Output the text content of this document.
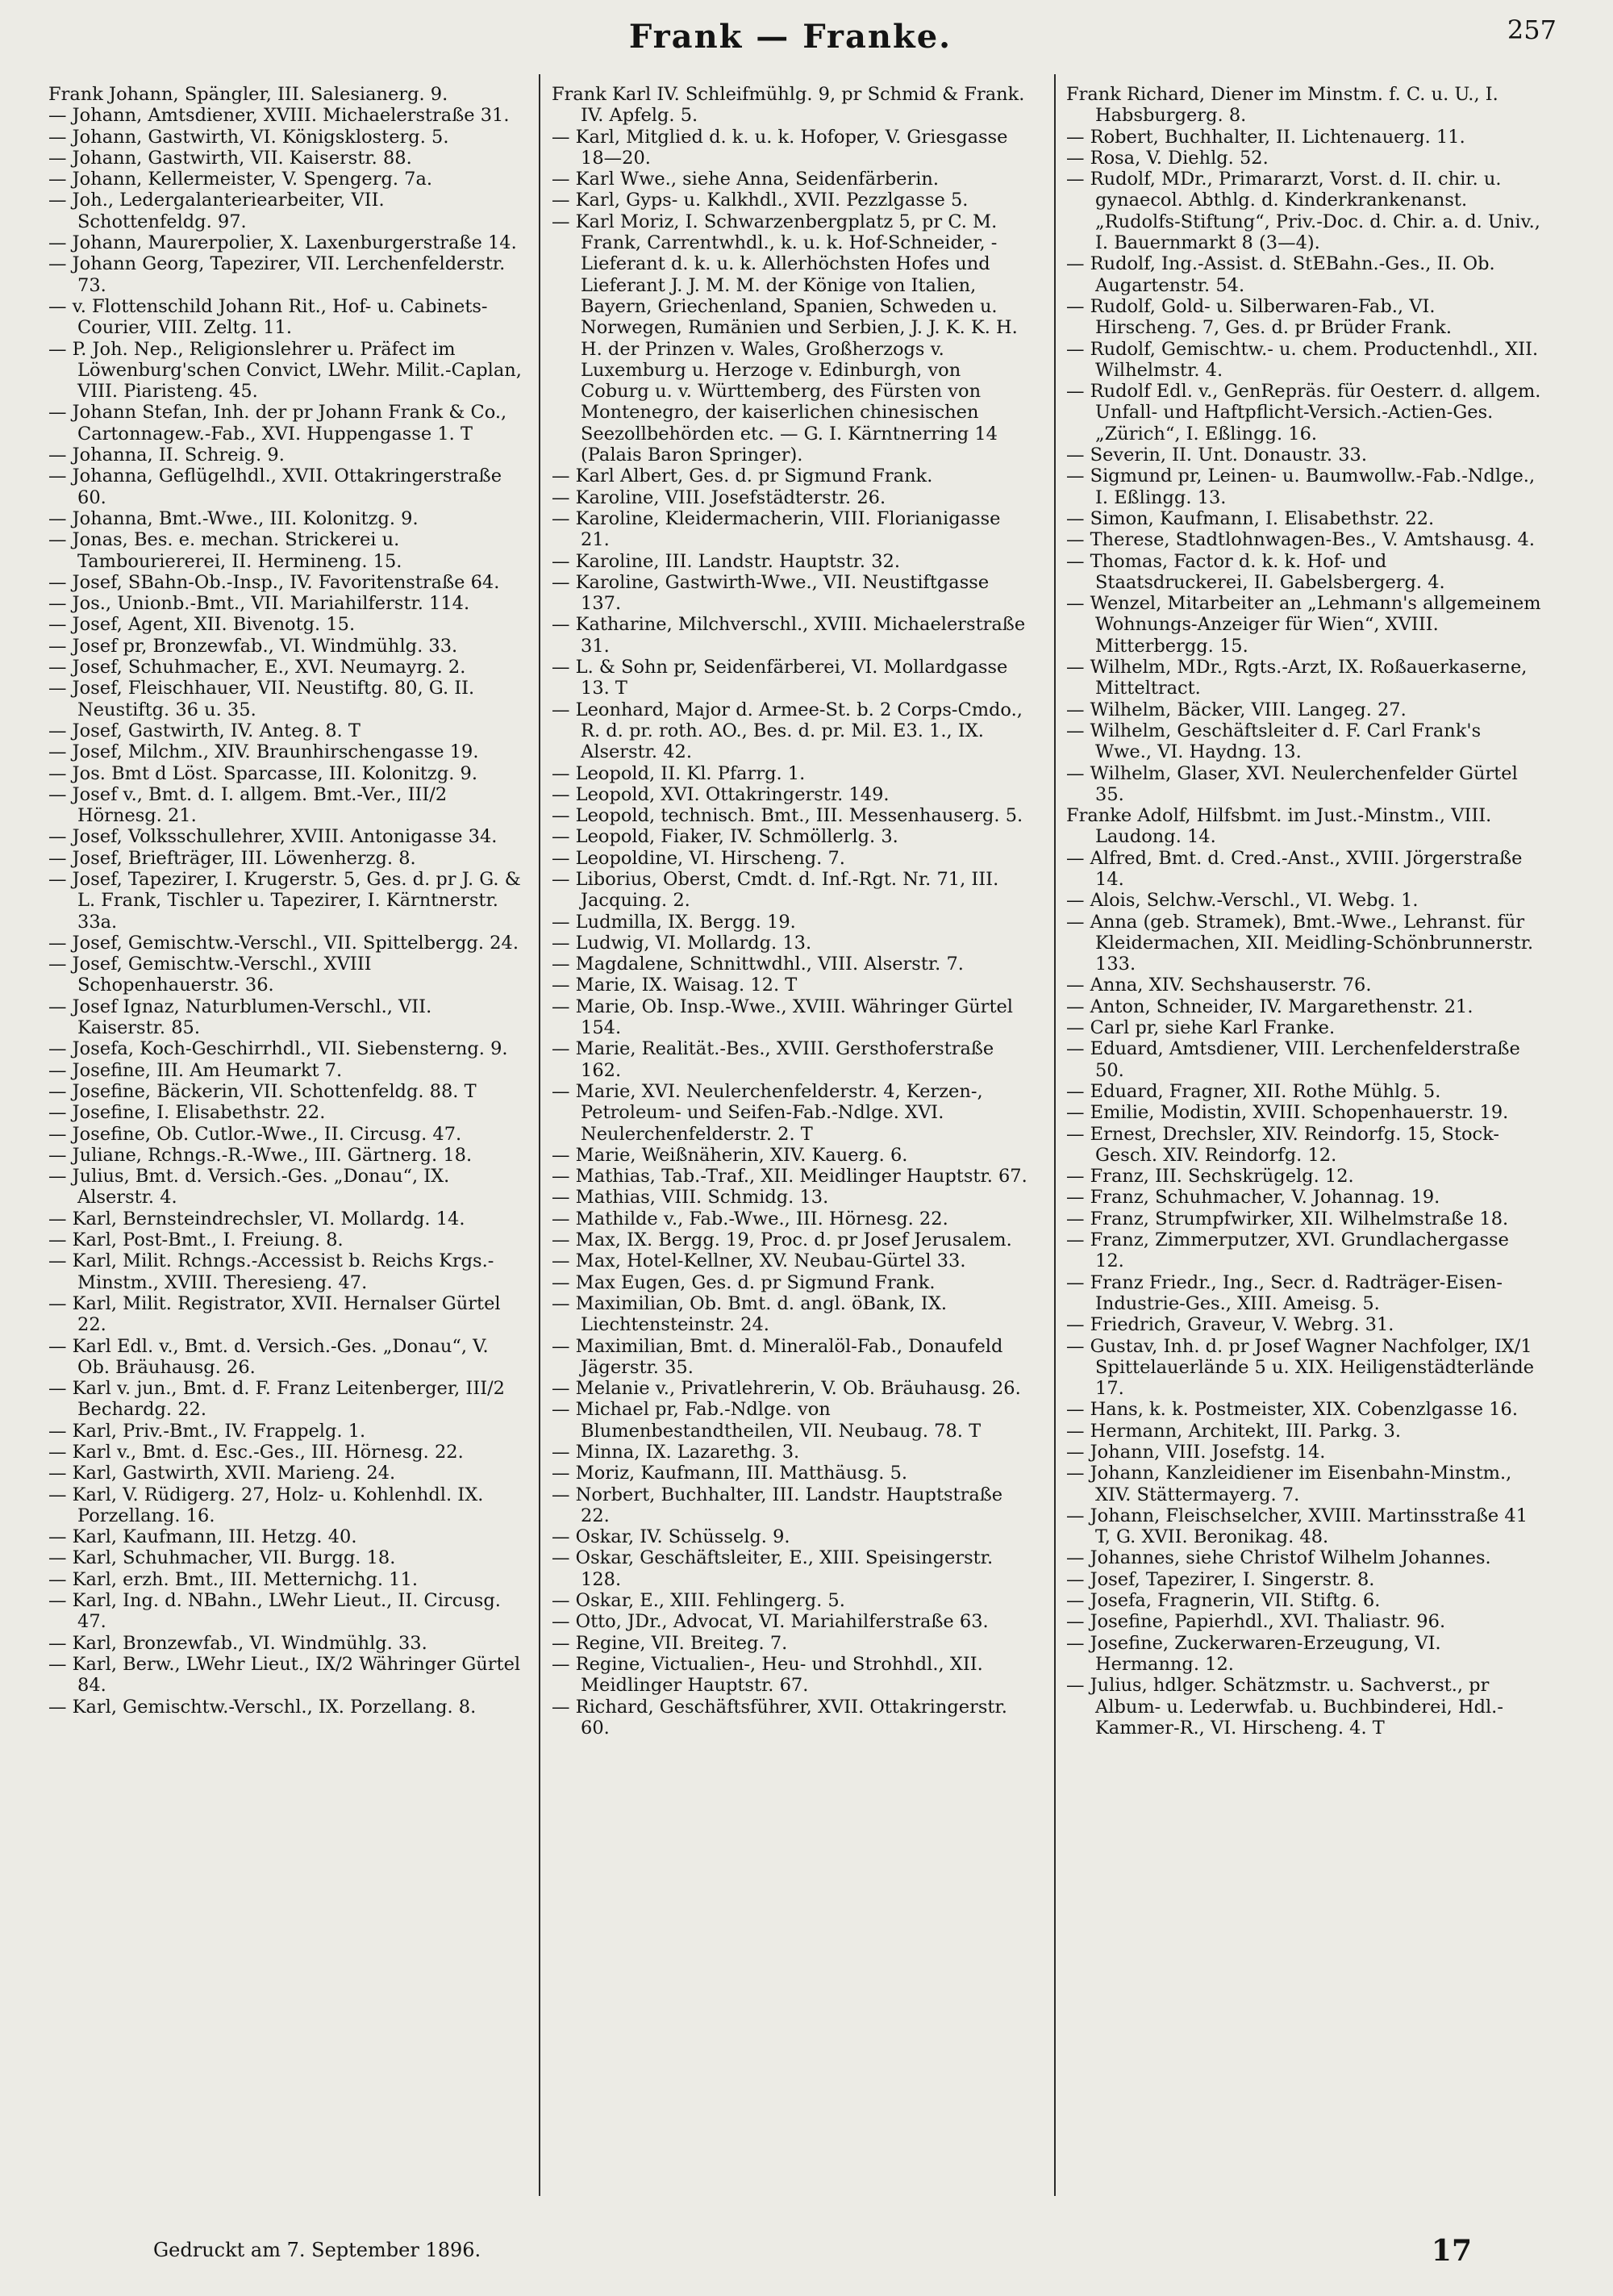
Frank — Franke.	257

Frank Johann, Spängler, III. Salesianerg. 9.

— Johann, Amtsdiener, XVIII. Michaelerstraße 31.

— Johann, Gastwirth, VI. Königsklosterg. 5.

— Johann, Gastwirth, VII. Kaiserstr. 88.

— Johann, Kellermeister, V. Spengerg. 7a.

— Joh., Ledergalanteriearbeiter, VII. Schottenfeldg. 97.

— Johann, Maurerpolier, X. Laxenburgerstraße 14.

— Johann Georg, Tapezirer, VII. Lerchenfelderstr. 73.

— v. Flottenschild Johann Rit., Hof- u. Cabinets-Courier, VIII. Zeltg. 11.

— P. Joh. Nep., Religionslehrer u. Präfect im Löwenburg'schen Convict, LWehr. Milit.-Caplan, VIII. Piaristeng. 45.

— Johann Stefan, Inh. der pr Johann Frank & Co., Cartonnagew.-Fab., XVI. Huppengasse 1. T

— Johanna, II. Schreig. 9.

— Johanna, Geflügelhdl., XVII. Ottakringerstraße 60.

— Johanna, Bmt.-Wwe., III. Kolonitzg. 9.

— Jonas, Bes. e. mechan. Strickerei u. Tambouriererei, II. Hermineng. 15.

— Josef, SBahn-Ob.-Insp., IV. Favoritenstraße 64.

— Jos., Unionb.-Bmt., VII. Mariahilferstr. 114.

— Josef, Agent, XII. Bivenotg. 15.

— Josef pr, Bronzewfab., VI. Windmühlg. 33.

— Josef, Schuhmacher, E., XVI. Neumayrg. 2.

— Josef, Fleischhauer, VII. Neustiftg. 80, G. II. Neustiftg. 36 u. 35.

— Josef, Gastwirth, IV. Anteg. 8. T

— Josef, Milchm., XIV. Braunhirschengasse 19.

— Jos. Bmt d Löst. Sparcasse, III. Kolonitzg. 9.

— Josef v., Bmt. d. I. allgem. Bmt.-Ver., III/2 Hörnesg. 21.

— Josef, Volksschullehrer, XVIII. Antonigasse 34.

— Josef, Briefträger, III. Löwenherzg. 8.

— Josef, Tapezirer, I. Krugerstr. 5, Ges. d. pr J. G. & L. Frank, Tischler u. Tapezirer, I. Kärntnerstr. 33a.

— Josef, Gemischtw.-Verschl., VII. Spittelbergg. 24.

— Josef, Gemischtw.-Verschl., XVIII Schopenhauerstr. 36.

— Josef Ignaz, Naturblumen-Verschl., VII. Kaiserstr. 85.

— Josefa, Koch-Geschirrhdl., VII. Siebensterng. 9.

— Josefine, III. Am Heumarkt 7.

— Josefine, Bäckerin, VII. Schottenfeldg. 88. T

— Josefine, I. Elisabethstr. 22.

— Josefine, Ob. Cutlor.-Wwe., II. Circusg. 47.

— Juliane, Rchngs.-R.-Wwe., III. Gärtnerg. 18.

— Julius, Bmt. d. Versich.-Ges. „Donau“, IX. Alserstr. 4.

— Karl, Bernsteindrechsler, VI. Mollardg. 14.

— Karl, Post-Bmt., I. Freiung. 8.

— Karl, Milit. Rchngs.-Accessist b. Reichs Krgs.-Minstm., XVIII. Theresieng. 47.

— Karl, Milit. Registrator, XVII. Hernalser Gürtel 22.

— Karl Edl. v., Bmt. d. Versich.-Ges. „Donau“, V. Ob. Bräuhausg. 26.

— Karl v. jun., Bmt. d. F. Franz Leitenberger, III/2 Bechardg. 22.

— Karl, Priv.-Bmt., IV. Frappelg. 1.

— Karl v., Bmt. d. Esc.-Ges., III. Hörnesg. 22.

— Karl, Gastwirth, XVII. Marieng. 24.

— Karl, V. Rüdigerg. 27, Holz- u. Kohlenhdl. IX. Porzellang. 16.

— Karl, Kaufmann, III. Hetzg. 40.

— Karl, Schuhmacher, VII. Burgg. 18.

— Karl, erzh. Bmt., III. Metternichg. 11.

— Karl, Ing. d. NBahn., LWehr Lieut., II. Circusg. 47.

— Karl, Bronzewfab., VI. Windmühlg. 33.

— Karl, Berw., LWehr Lieut., IX/2 Währinger Gürtel 84.

— Karl, Gemischtw.-Verschl., IX. Porzellang. 8.

Frank Karl IV. Schleifmühlg. 9, pr Schmid & Frank. IV. Apfelg. 5.

— Karl, Mitglied d. k. u. k. Hofoper, V. Griesgasse 18—20.

— Karl Wwe., siehe Anna, Seidenfärberin.

— Karl, Gyps- u. Kalkhdl., XVII. Pezzlgasse 5.

— Karl Moriz, I. Schwarzenbergplatz 5, pr C. M. Frank, Carrentwhdl., k. u. k. Hof-Schneider, -Lieferant d. k. u. k. Allerhöchsten Hofes und Lieferant J. J. M. M. der Könige von Italien, Bayern, Griechenland, Spanien, Schweden u. Norwegen, Rumänien und Serbien, J. J. K. K. H. H. der Prinzen v. Wales, Großherzogs v. Luxemburg u. Herzoge v. Edinburgh, von Coburg u. v. Württemberg, des Fürsten von Montenegro, der kaiserlichen chinesischen Seezollbehörden etc. — G. I. Kärntnerring 14 (Palais Baron Springer).

— Karl Albert, Ges. d. pr Sigmund Frank.

— Karoline, VIII. Josefstädterstr. 26.

— Karoline, Kleidermacherin, VIII. Florianigasse 21.

— Karoline, III. Landstr. Hauptstr. 32.

— Karoline, Gastwirth-Wwe., VII. Neustiftgasse 137.

— Katharine, Milchverschl., XVIII. Michaelerstraße 31.

— L. & Sohn pr, Seidenfärberei, VI. Mollardgasse 13. T

— Leonhard, Major d. Armee-St. b. 2 Corps-Cmdo., R. d. pr. roth. AO., Bes. d. pr. Mil. E3. 1., IX. Alserstr. 42.

— Leopold, II. Kl. Pfarrg. 1.

— Leopold, XVI. Ottakringerstr. 149.

— Leopold, technisch. Bmt., III. Messenhauserg. 5.

— Leopold, Fiaker, IV. Schmöllerlg. 3.

— Leopoldine, VI. Hirscheng. 7.

— Liborius, Oberst, Cmdt. d. Inf.-Rgt. Nr. 71, III. Jacquing. 2.

— Ludmilla, IX. Bergg. 19.

— Ludwig, VI. Mollardg. 13.

— Magdalene, Schnittwdhl., VIII. Alserstr. 7.

— Marie, IX. Waisag. 12. T

— Marie, Ob. Insp.-Wwe., XVIII. Währinger Gürtel 154.

— Marie, Realität.-Bes., XVIII. Gersthoferstraße 162.

— Marie, XVI. Neulerchenfelderstr. 4, Kerzen-, Petroleum- und Seifen-Fab.-Ndlge. XVI. Neulerchenfelderstr. 2. T

— Marie, Weißnäherin, XIV. Kauerg. 6.

— Mathias, Tab.-Traf., XII. Meidlinger Hauptstr. 67.

— Mathias, VIII. Schmidg. 13.

— Mathilde v., Fab.-Wwe., III. Hörnesg. 22.

— Max, IX. Bergg. 19, Proc. d. pr Josef Jerusalem.

— Max, Hotel-Kellner, XV. Neubau-Gürtel 33.

— Max Eugen, Ges. d. pr Sigmund Frank.

— Maximilian, Ob. Bmt. d. angl. öBank, IX. Liechtensteinstr. 24.

— Maximilian, Bmt. d. Mineralöl-Fab., Donaufeld Jägerstr. 35.

— Melanie v., Privatlehrerin, V. Ob. Bräuhausg. 26.

— Michael pr, Fab.-Ndlge. von Blumenbestandtheilen, VII. Neubaug. 78. T

— Minna, IX. Lazarethg. 3.

— Moriz, Kaufmann, III. Matthäusg. 5.

— Norbert, Buchhalter, III. Landstr. Hauptstraße 22.

— Oskar, IV. Schüsselg. 9.

— Oskar, Geschäftsleiter, E., XIII. Speisingerstr. 128.

— Oskar, E., XIII. Fehlingerg. 5.

— Otto, JDr., Advocat, VI. Mariahilferstraße 63.

— Regine, VII. Breiteg. 7.

— Regine, Victualien-, Heu- und Strohhdl., XII. Meidlinger Hauptstr. 67.

— Richard, Geschäftsführer, XVII. Ottakringerstr. 60.

Frank Richard, Diener im Minstm. f. C. u. U., I. Habsburgerg. 8.

— Robert, Buchhalter, II. Lichtenauerg. 11.

— Rosa, V. Diehlg. 52.

— Rudolf, MDr., Primararzt, Vorst. d. II. chir. u. gynaecol. Abthlg. d. Kinderkrankenanst. „Rudolfs-Stiftung“, Priv.-Doc. d. Chir. a. d. Univ., I. Bauernmarkt 8 (3—4).

— Rudolf, Ing.-Assist. d. StEBahn.-Ges., II. Ob. Augartenstr. 54.

— Rudolf, Gold- u. Silberwaren-Fab., VI. Hirscheng. 7, Ges. d. pr Brüder Frank.

— Rudolf, Gemischtw.- u. chem. Productenhdl., XII. Wilhelmstr. 4.

— Rudolf Edl. v., GenRepräs. für Oesterr. d. allgem. Unfall- und Haftpflicht-Versich.-Actien-Ges. „Zürich“, I. Eßlingg. 16.

— Severin, II. Unt. Donaustr. 33.

— Sigmund pr, Leinen- u. Baumwollw.-Fab.-Ndlge., I. Eßlingg. 13.

— Simon, Kaufmann, I. Elisabethstr. 22.

— Therese, Stadtlohnwagen-Bes., V. Amtshausg. 4.

— Thomas, Factor d. k. k. Hof- und Staatsdruckerei, II. Gabelsbergerg. 4.

— Wenzel, Mitarbeiter an „Lehmann's allgemeinem Wohnungs-Anzeiger für Wien“, XVIII. Mitterbergg. 15.

— Wilhelm, MDr., Rgts.-Arzt, IX. Roßauerkaserne, Mitteltract.

— Wilhelm, Bäcker, VIII. Langeg. 27.

— Wilhelm, Geschäftsleiter d. F. Carl Frank's Wwe., VI. Haydng. 13.

— Wilhelm, Glaser, XVI. Neulerchenfelder Gürtel 35.

Franke Adolf, Hilfsbmt. im Just.-Minstm., VIII. Laudong. 14.

— Alfred, Bmt. d. Cred.-Anst., XVIII. Jörgerstraße 14.

— Alois, Selchw.-Verschl., VI. Webg. 1.

— Anna (geb. Stramek), Bmt.-Wwe., Lehranst. für Kleidermachen, XII. Meidling-Schönbrunnerstr. 133.

— Anna, XIV. Sechshauserstr. 76.

— Anton, Schneider, IV. Margarethenstr. 21.

— Carl pr, siehe Karl Franke.

— Eduard, Amtsdiener, VIII. Lerchenfelderstraße 50.

— Eduard, Fragner, XII. Rothe Mühlg. 5.

— Emilie, Modistin, XVIII. Schopenhauerstr. 19.

— Ernest, Drechsler, XIV. Reindorfg. 15, Stock-Gesch. XIV. Reindorfg. 12.

— Franz, III. Sechskrügelg. 12.

— Franz, Schuhmacher, V. Johannag. 19.

— Franz, Strumpfwirker, XII. Wilhelmstraße 18.

— Franz, Zimmerputzer, XVI. Grundlachergasse 12.

— Franz Friedr., Ing., Secr. d. Radträger-Eisen-Industrie-Ges., XIII. Ameisg. 5.

— Friedrich, Graveur, V. Webrg. 31.

— Gustav, Inh. d. pr Josef Wagner Nachfolger, IX/1 Spittelauerlände 5 u. XIX. Heiligenstädterlände 17.

— Hans, k. k. Postmeister, XIX. Cobenzlgasse 16.

— Hermann, Architekt, III. Parkg. 3.

— Johann, VIII. Josefstg. 14.

— Johann, Kanzleidiener im Eisenbahn-Minstm., XIV. Stättermayerg. 7.

— Johann, Fleischselcher, XVIII. Martinsstraße 41 T, G. XVII. Beronikag. 48.

— Johannes, siehe Christof Wilhelm Johannes.

— Josef, Tapezirer, I. Singerstr. 8.

— Josefa, Fragnerin, VII. Stiftg. 6.

— Josefine, Papierhdl., XVI. Thaliastr. 96.

— Josefine, Zuckerwaren-Erzeugung, VI. Hermanng. 12.

— Julius, hdlger. Schätzmstr. u. Sachverst., pr Album- u. Lederwfab. u. Buchbinderei, Hdl.-Kammer-R., VI. Hirscheng. 4. T

Gedruckt am 7. September 1896.	17
